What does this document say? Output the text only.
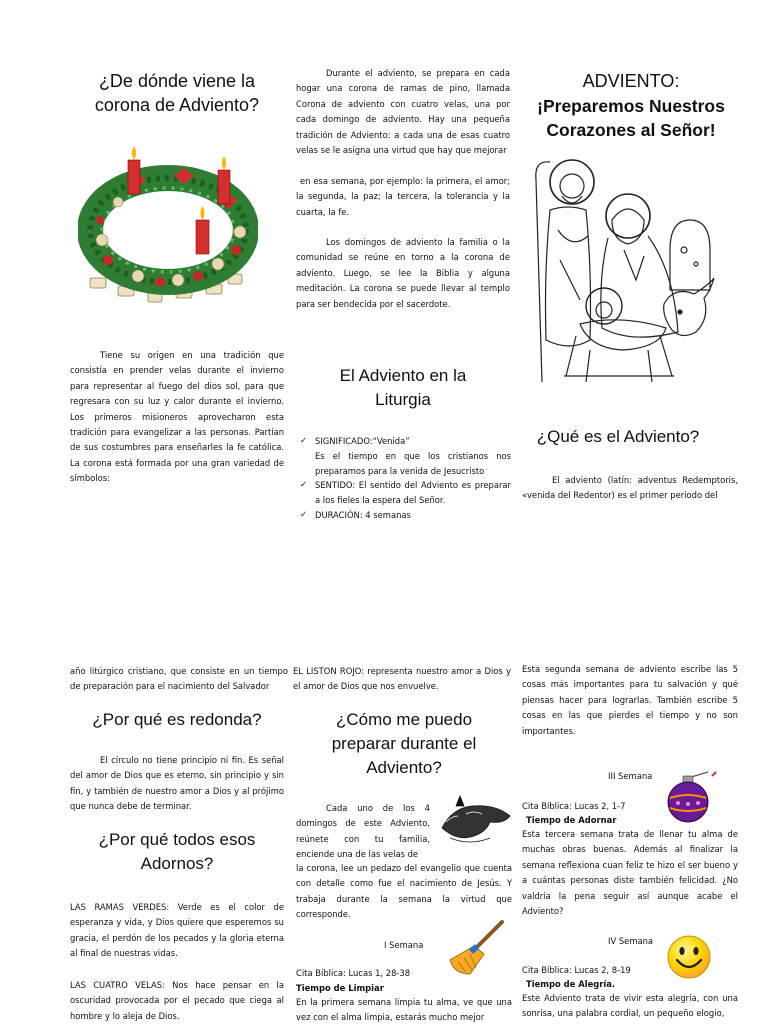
¿De dónde viene la corona de Adviento?
Tiene su origen en una tradición que consistía en prender velas durante el invierno para representar al fuego del dios sol, para que regresara con su luz y calor durante el invierno. Los primeros misioneros aprovecharon esta tradición para evangelizar a las personas. Partían de sus costumbres para enseñarles la fe católica. La corona está formada por una gran variedad de símbolos:
Durante el adviento, se prepara en cada hogar una corona de ramas de pino, llamada Corona de adviento con cuatro velas, una por cada domingo de adviento. Hay una pequeña tradición de Adviento: a cada una de esas cuatro velas se le asigna una virtud que hay que mejorar
en esa semana, por ejemplo: la primera, el amor; la segunda, la paz; la tercera, la tolerancia y la cuarta, la fe.
Los domingos de adviento la familia o la comunidad se reúne en torno a la corona de adviento. Luego, se lee la Biblia y alguna meditación. La corona se puede llevar al templo para ser bendecida por el sacerdote.
El Adviento en la Liturgia
✓ SIGNIFICADO:“Venida”
Es el tiempo en que los cristianos nos preparamos para la venida de Jesucristo
✓ SENTIDO: El sentido del Adviento es preparar a los fieles la espera del Señor.
✓ DURACIÓN: 4 semanas
ADVIENTO:
¡Preparemos Nuestros Corazones al Señor!
¿Qué es el Adviento?
El adviento (latín: adventus Redemptoris, «venida del Redentor) es el primer periodo del
año litúrgico cristiano, que consiste en un tiempo de preparación para el nacimiento del Salvador
¿Por qué es redonda?
El círculo no tiene principio ni fin. Es señal del amor de Dios que es eterno, sin principio y sin fin, y también de nuestro amor a Dios y al prójimo que nunca debe de terminar.
¿Por qué todos esos Adornos?
LAS RAMAS VERDES: Verde es el color de esperanza y vida, y Dios quiere que esperemos su gracia, el perdón de los pecados y la gloria eterna al final de nuestras vidas.
LAS CUATRO VELAS: Nos hace pensar en la oscuridad provocada por el pecado que ciega al hombre y lo aleja de Dios.
EL LISTON ROJO: representa nuestro amor a Dios y el amor de Dios que nos envuelve.
¿Cómo me puedo preparar durante el Adviento?
Cada uno de los 4 domingos de este Adviento, reúnete con tu familia, enciende una de las velas de
la corona, lee un pedazo del evangelio que cuenta con detalle como fue el nacimiento de Jesús. Y trabaja durante la semana la virtud que corresponde.
I Semana
Cita Bíblica: Lucas 1, 28-38
Tiempo de Limpiar
En la primera semana limpia tu alma, ve que una vez con el alma limpia, estarás mucho mejor
Esta segunda semana de adviento escribe las 5 cosas más importantes para tu salvación y qué piensas hacer para lograrlas. También escribe 5 cosas en las que pierdes el tiempo y no son importantes.
III Semana
Cita Bíblica: Lucas 2, 1-7
Tiempo de Adornar
Esta tercera semana trata de llenar tu alma de muchas obras buenas. Además al finalizar la semana reflexiona cuan feliz te hizo el ser bueno y a cuántas personas diste también felicidad. ¿No valdría la pena seguir así aunque acabe el Adviento?
IV Semana
Cita Bíblica: Lucas 2, 8-19
Tiempo de Alegría.
Este Adviento trata de vivir esta alegría, con una sonrisa, una palabra cordial, un pequeño elogio,
